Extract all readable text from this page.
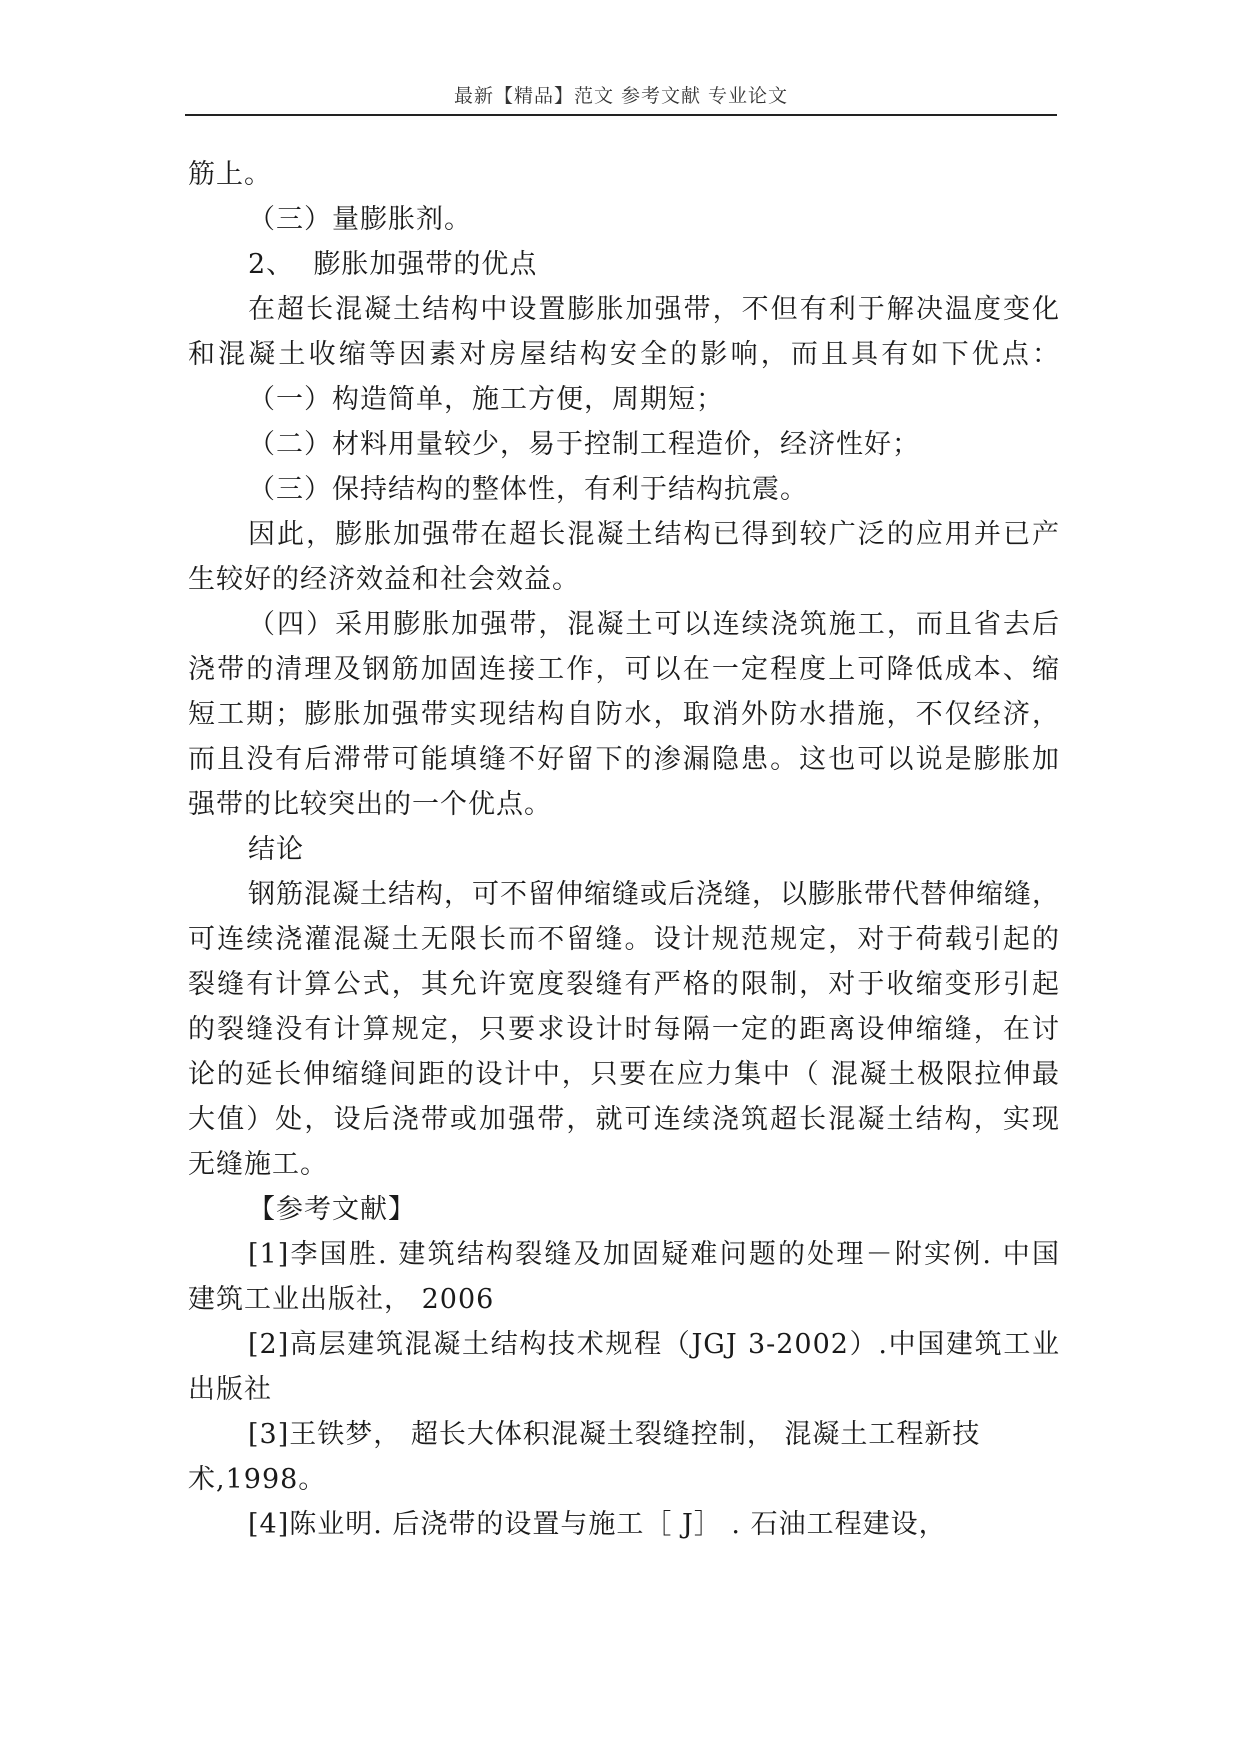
最新【精品】范文 参考文献 专业论文
筋上。
（三）量膨胀剂。
2、  膨胀加强带的优点
在超长混凝土结构中设置膨胀加强带，不但有利于解决温度变化
和混凝土收缩等因素对房屋结构安全的影响，而且具有如下优点：
（一）构造简单，施工方便，周期短；
（二）材料用量较少，易于控制工程造价，经济性好；
（三）保持结构的整体性，有利于结构抗震。
因此，膨胀加强带在超长混凝土结构已得到较广泛的应用并已产
生较好的经济效益和社会效益。
（四）采用膨胀加强带，混凝土可以连续浇筑施工，而且省去后
浇带的清理及钢筋加固连接工作，可以在一定程度上可降低成本、缩
短工期；膨胀加强带实现结构自防水，取消外防水措施，不仅经济，
而且没有后滞带可能填缝不好留下的渗漏隐患。这也可以说是膨胀加
强带的比较突出的一个优点。
结论
钢筋混凝土结构，可不留伸缩缝或后浇缝，以膨胀带代替伸缩缝，
可连续浇灌混凝土无限长而不留缝。设计规范规定，对于荷载引起的
裂缝有计算公式，其允许宽度裂缝有严格的限制，对于收缩变形引起
的裂缝没有计算规定，只要求设计时每隔一定的距离设伸缩缝，在讨
论的延长伸缩缝间距的设计中，只要在应力集中（ 混凝土极限拉伸最
大值）处，设后浇带或加强带，就可连续浇筑超长混凝土结构，实现
无缝施工。
【参考文献】
[1]李国胜. 建筑结构裂缝及加固疑难问题的处理－附实例. 中国
建筑工业出版社， 2006
[2]高层建筑混凝土结构技术规程（JGJ 3-2002）.中国建筑工业
出版社
[3]王铁梦， 超长大体积混凝土裂缝控制， 混凝土工程新技
术,1998。
[4]陈业明. 后浇带的设置与施工［ J］ . 石油工程建设，
